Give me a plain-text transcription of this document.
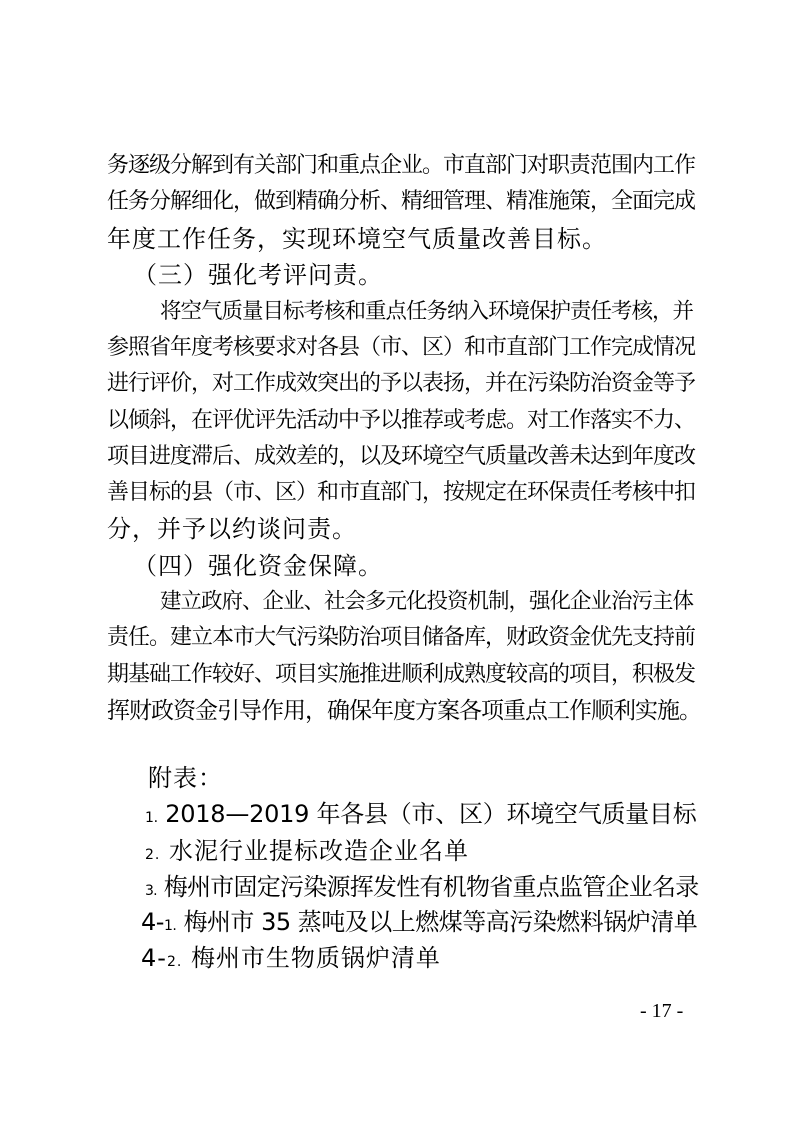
务逐级分解到有关部门和重点企业。市直部门对职责范围内工作
任务分解细化，做到精确分析、精细管理、精准施策，全面完成
年度工作任务，实现环境空气质量改善目标。
（三）强化考评问责。
将空气质量目标考核和重点任务纳入环境保护责任考核，并
参照省年度考核要求对各县（市、区）和市直部门工作完成情况
进行评价，对工作成效突出的予以表扬，并在污染防治资金等予
以倾斜，在评优评先活动中予以推荐或考虑。对工作落实不力、
项目进度滞后、成效差的，以及环境空气质量改善未达到年度改
善目标的县（市、区）和市直部门，按规定在环保责任考核中扣
分，并予以约谈问责。
（四）强化资金保障。
建立政府、企业、社会多元化投资机制，强化企业治污主体
责任。建立本市大气污染防治项目储备库，财政资金优先支持前
期基础工作较好、项目实施推进顺利成熟度较高的项目，积极发
挥财政资金引导作用，确保年度方案各项重点工作顺利实施。
附表：
1. 2018—2019 年各县（市、区）环境空气质量目标
2. 水泥行业提标改造企业名单
3. 梅州市固定污染源挥发性有机物省重点监管企业名录
4-1. 梅州市 35 蒸吨及以上燃煤等高污染燃料锅炉清单
4-2. 梅州市生物质锅炉清单
- 17 -
